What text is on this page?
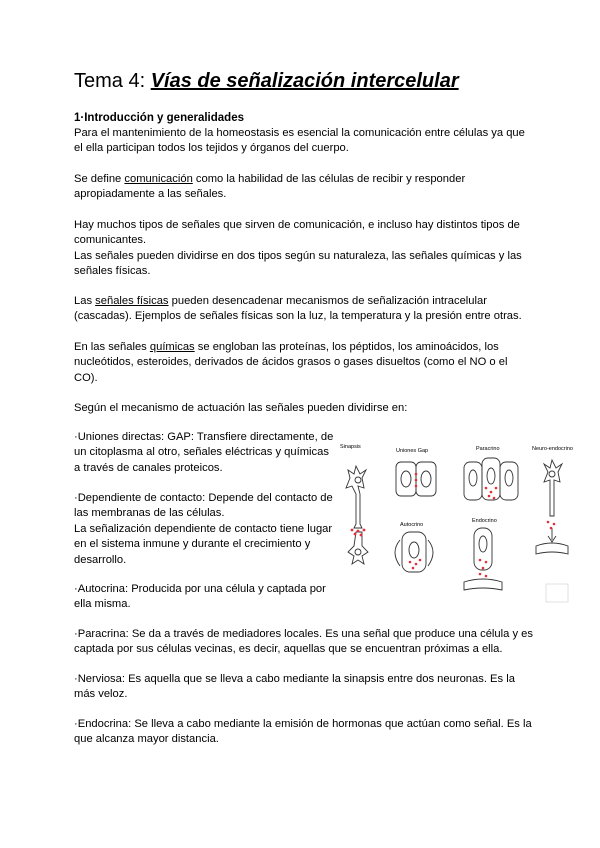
Tema 4: Vías de señalización intercelular
1·Introducción y generalidades
Para el mantenimiento de la homeostasis es esencial la comunicación entre células ya que el ella participan todos los tejidos y órganos del cuerpo.
Se define comunicación como la habilidad de las células de recibir y responder apropiadamente a las señales.
Hay muchos tipos de señales que sirven de comunicación, e incluso hay distintos tipos de comunicantes.
Las señales pueden dividirse en dos tipos según su naturaleza, las señales químicas y las señales físicas.
Las señales físicas pueden desencadenar mecanismos de señalización intracelular (cascadas). Ejemplos de señales físicas son la luz, la temperatura y la presión entre otras.
En las señales químicas se engloban las proteínas, los péptidos, los aminoácidos, los nucleótidos, esteroides, derivados de ácidos grasos o gases disueltos (como el NO o el CO).
Según el mecanismo de actuación las señales pueden dividirse en:
·Uniones directas: GAP: Transfiere directamente, de un citoplasma al otro, señales eléctricas y químicas a través de canales proteicos.
·Dependiente de contacto: Depende del contacto de las membranas de las células.
La señalización dependiente de contacto tiene lugar en el sistema inmune y durante el crecimiento y desarrollo.
·Autocrina: Producida por una célula y captada por ella misma.
·Paracrina: Se da a través de mediadores locales. Es una señal que produce una célula y es captada por sus células vecinas, es decir, aquellas que se encuentran próximas a ella.
·Nerviosa: Es aquella que se lleva a cabo mediante la sinapsis entre dos neuronas. Es la más veloz.
·Endocrina: Se lleva a cabo mediante la emisión de hormonas que actúan como señal. Es la que alcanza mayor distancia.
Sinapsis
Uniones Gap	Paracrino	Neuro-endocrino
Autocrino
Endocrino
